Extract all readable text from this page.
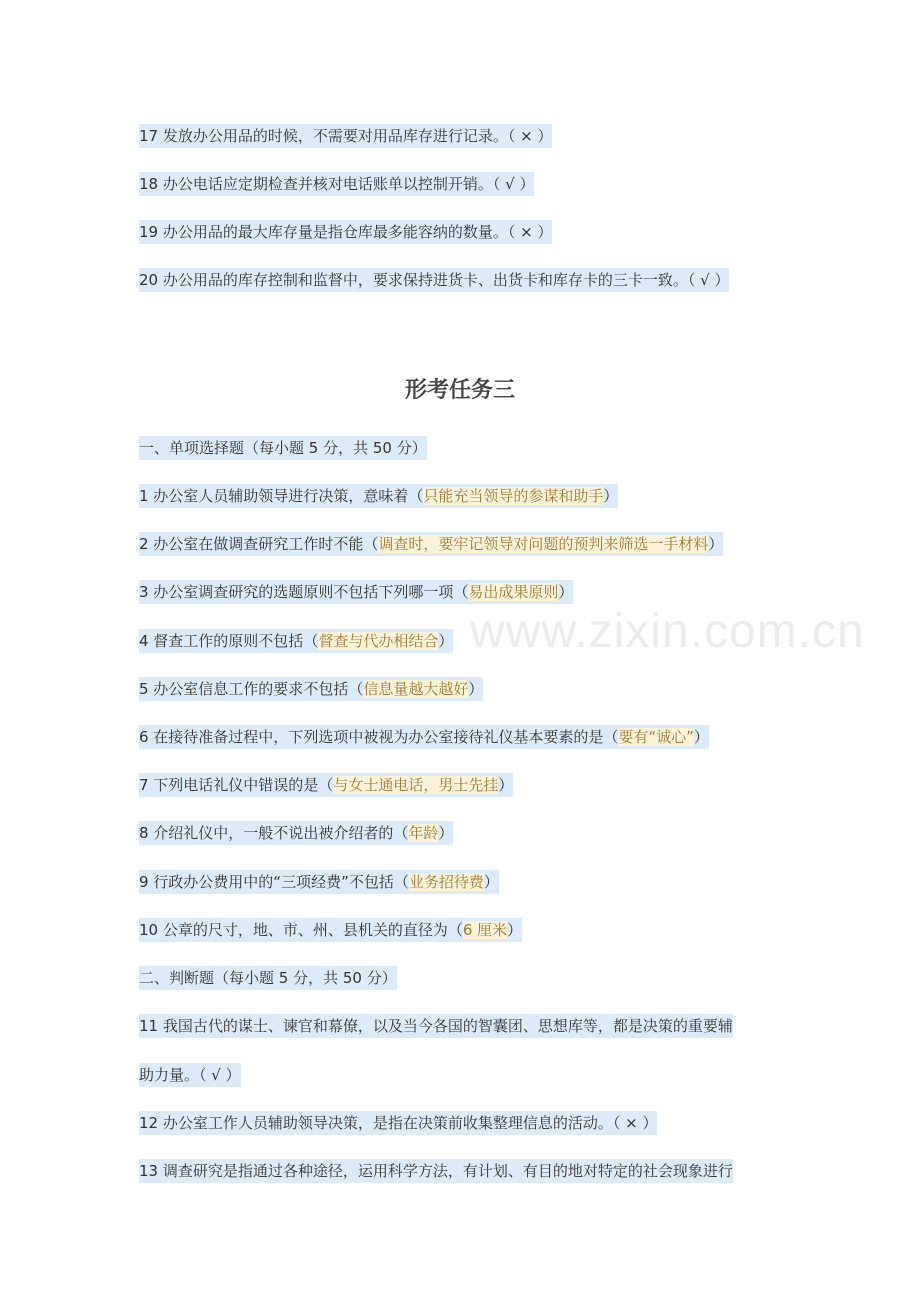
17 发放办公用品的时候，不需要对用品库存进行记录。（ × ）
18 办公电话应定期检查并核对电话账单以控制开销。（ √ ）
19 办公用品的最大库存量是指仓库最多能容纳的数量。（ × ）
20 办公用品的库存控制和监督中，要求保持进货卡、出货卡和库存卡的三卡一致。（ √ ）
形考任务三
一、单项选择题（每小题 5 分，共 50 分）
1 办公室人员辅助领导进行决策，意味着（只能充当领导的参谋和助手）
2 办公室在做调查研究工作时不能（调查时，要牢记领导对问题的预判来筛选一手材料）
3 办公室调查研究的选题原则不包括下列哪一项（易出成果原则）
4 督查工作的原则不包括（督查与代办相结合）
5 办公室信息工作的要求不包括（信息量越大越好）
6 在接待准备过程中，下列选项中被视为办公室接待礼仪基本要素的是（要有“诚心”）
7 下列电话礼仪中错误的是（与女士通电话，男士先挂）
8 介绍礼仪中，一般不说出被介绍者的（年龄）
9 行政办公费用中的“三项经费”不包括（业务招待费）
10 公章的尺寸，地、市、州、县机关的直径为（6 厘米）
二、判断题（每小题 5 分，共 50 分）
11 我国古代的谋士、谏官和幕僚，以及当今各国的智囊团、思想库等，都是决策的重要辅
助力量。（ √ ）
12 办公室工作人员辅助领导决策，是指在决策前收集整理信息的活动。（ × ）
13 调查研究是指通过各种途径，运用科学方法，有计划、有目的地对特定的社会现象进行
www.zixin.com.cn
